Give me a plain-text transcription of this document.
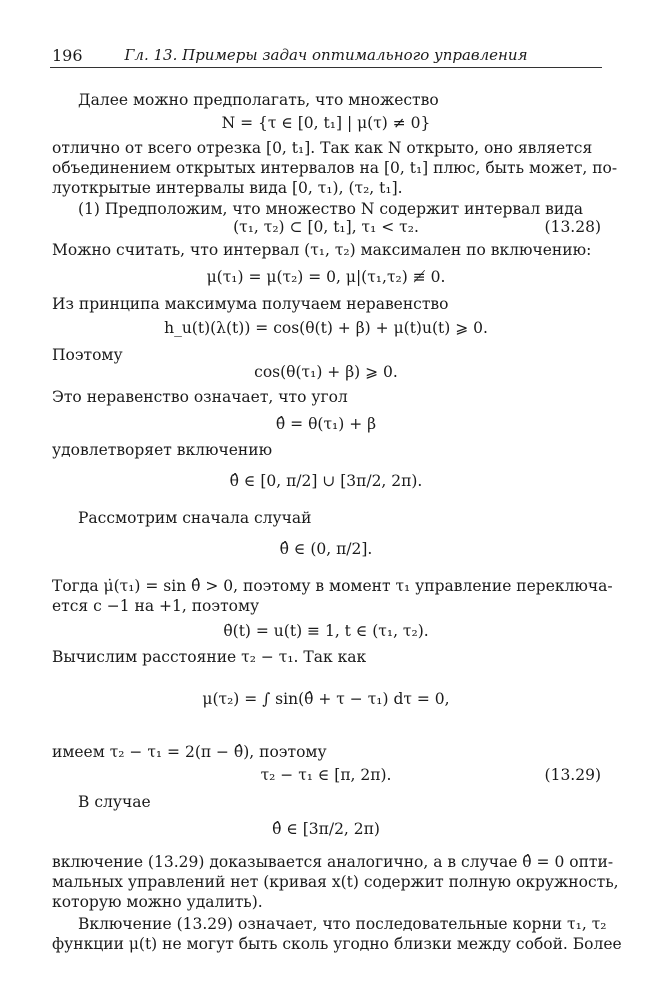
196	Гл. 13. Примеры задач оптимального управления
Далее можно предполагать, что множество
N = {τ ∈ [0, t₁] | μ(τ) ≠ 0}
отлично от всего отрезка [0, t₁]. Так как N открыто, оно является
объединением открытых интервалов на [0, t₁] плюс, быть может, по-
луоткрытые интервалы вида [0, τ₁), (τ₂, t₁].
(1) Предположим, что множество N содержит интервал вида
(τ₁, τ₂) ⊂ [0, t₁], τ₁ < τ₂.	(13.28)
Можно считать, что интервал (τ₁, τ₂) максимален по включению:
μ(τ₁) = μ(τ₂) = 0, μ|(τ₁,τ₂) ≢ 0.
Из принципа максимума получаем неравенство
h_u(t)(λ(t)) = cos(θ(t) + β) + μ(t)u(t) ⩾ 0.
Поэтому
cos(θ(τ₁) + β) ⩾ 0.
Это неравенство означает, что угол
θ̂ = θ(τ₁) + β
удовлетворяет включению
θ̂ ∈ [0, π/2] ∪ [3π/2, 2π).
Рассмотрим сначала случай
θ̂ ∈ (0, π/2].
Тогда μ̇(τ₁) = sin θ̂ > 0, поэтому в момент τ₁ управление переключа-
ется с −1 на +1, поэтому
θ̇(t) = u(t) ≡ 1, t ∈ (τ₁, τ₂).
Вычислим расстояние τ₂ − τ₁. Так как
μ(τ₂) = ∫ sin(θ̂ + τ − τ₁) dτ = 0,
имеем τ₂ − τ₁ = 2(π − θ̂), поэтому
τ₂ − τ₁ ∈ [π, 2π).	(13.29)
В случае
θ̂ ∈ [3π/2, 2π)
включение (13.29) доказывается аналогично, а в случае θ̂ = 0 опти-
мальных управлений нет (кривая x(t) содержит полную окружность,
которую можно удалить).
Включение (13.29) означает, что последовательные корни τ₁, τ₂
функции μ(t) не могут быть сколь угодно близки между собой. Более
